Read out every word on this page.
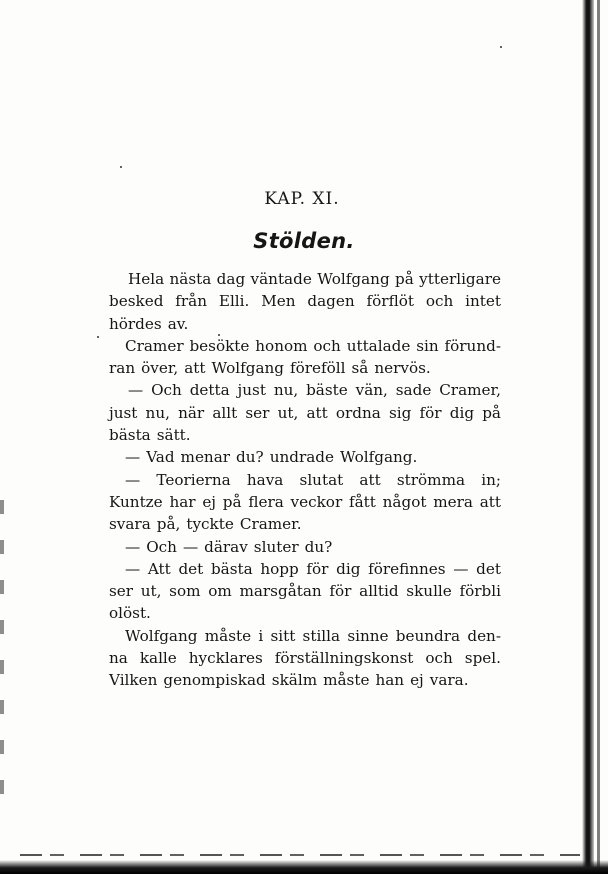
KAP. XI.
Stölden.
Hela nästa dag väntade Wolfgang på ytterligare
besked från Elli. Men dagen förflöt och intet
hördes av.
Cramer besökte honom och uttalade sin förund-
ran över, att Wolfgang föreföll så nervös.
— Och detta just nu, bäste vän, sade Cramer,
just nu, när allt ser ut, att ordna sig för dig på
bästa sätt.
— Vad menar du? undrade Wolfgang.
— Teorierna hava slutat att strömma in;
Kuntze har ej på flera veckor fått något mera att
svara på, tyckte Cramer.
— Och — därav sluter du?
— Att det bästa hopp för dig förefinnes — det
ser ut, som om marsgåtan för alltid skulle förbli
olöst.
Wolfgang måste i sitt stilla sinne beundra den-
na kalle hycklares förställningskonst och spel.
Vilken genompiskad skälm måste han ej vara.
